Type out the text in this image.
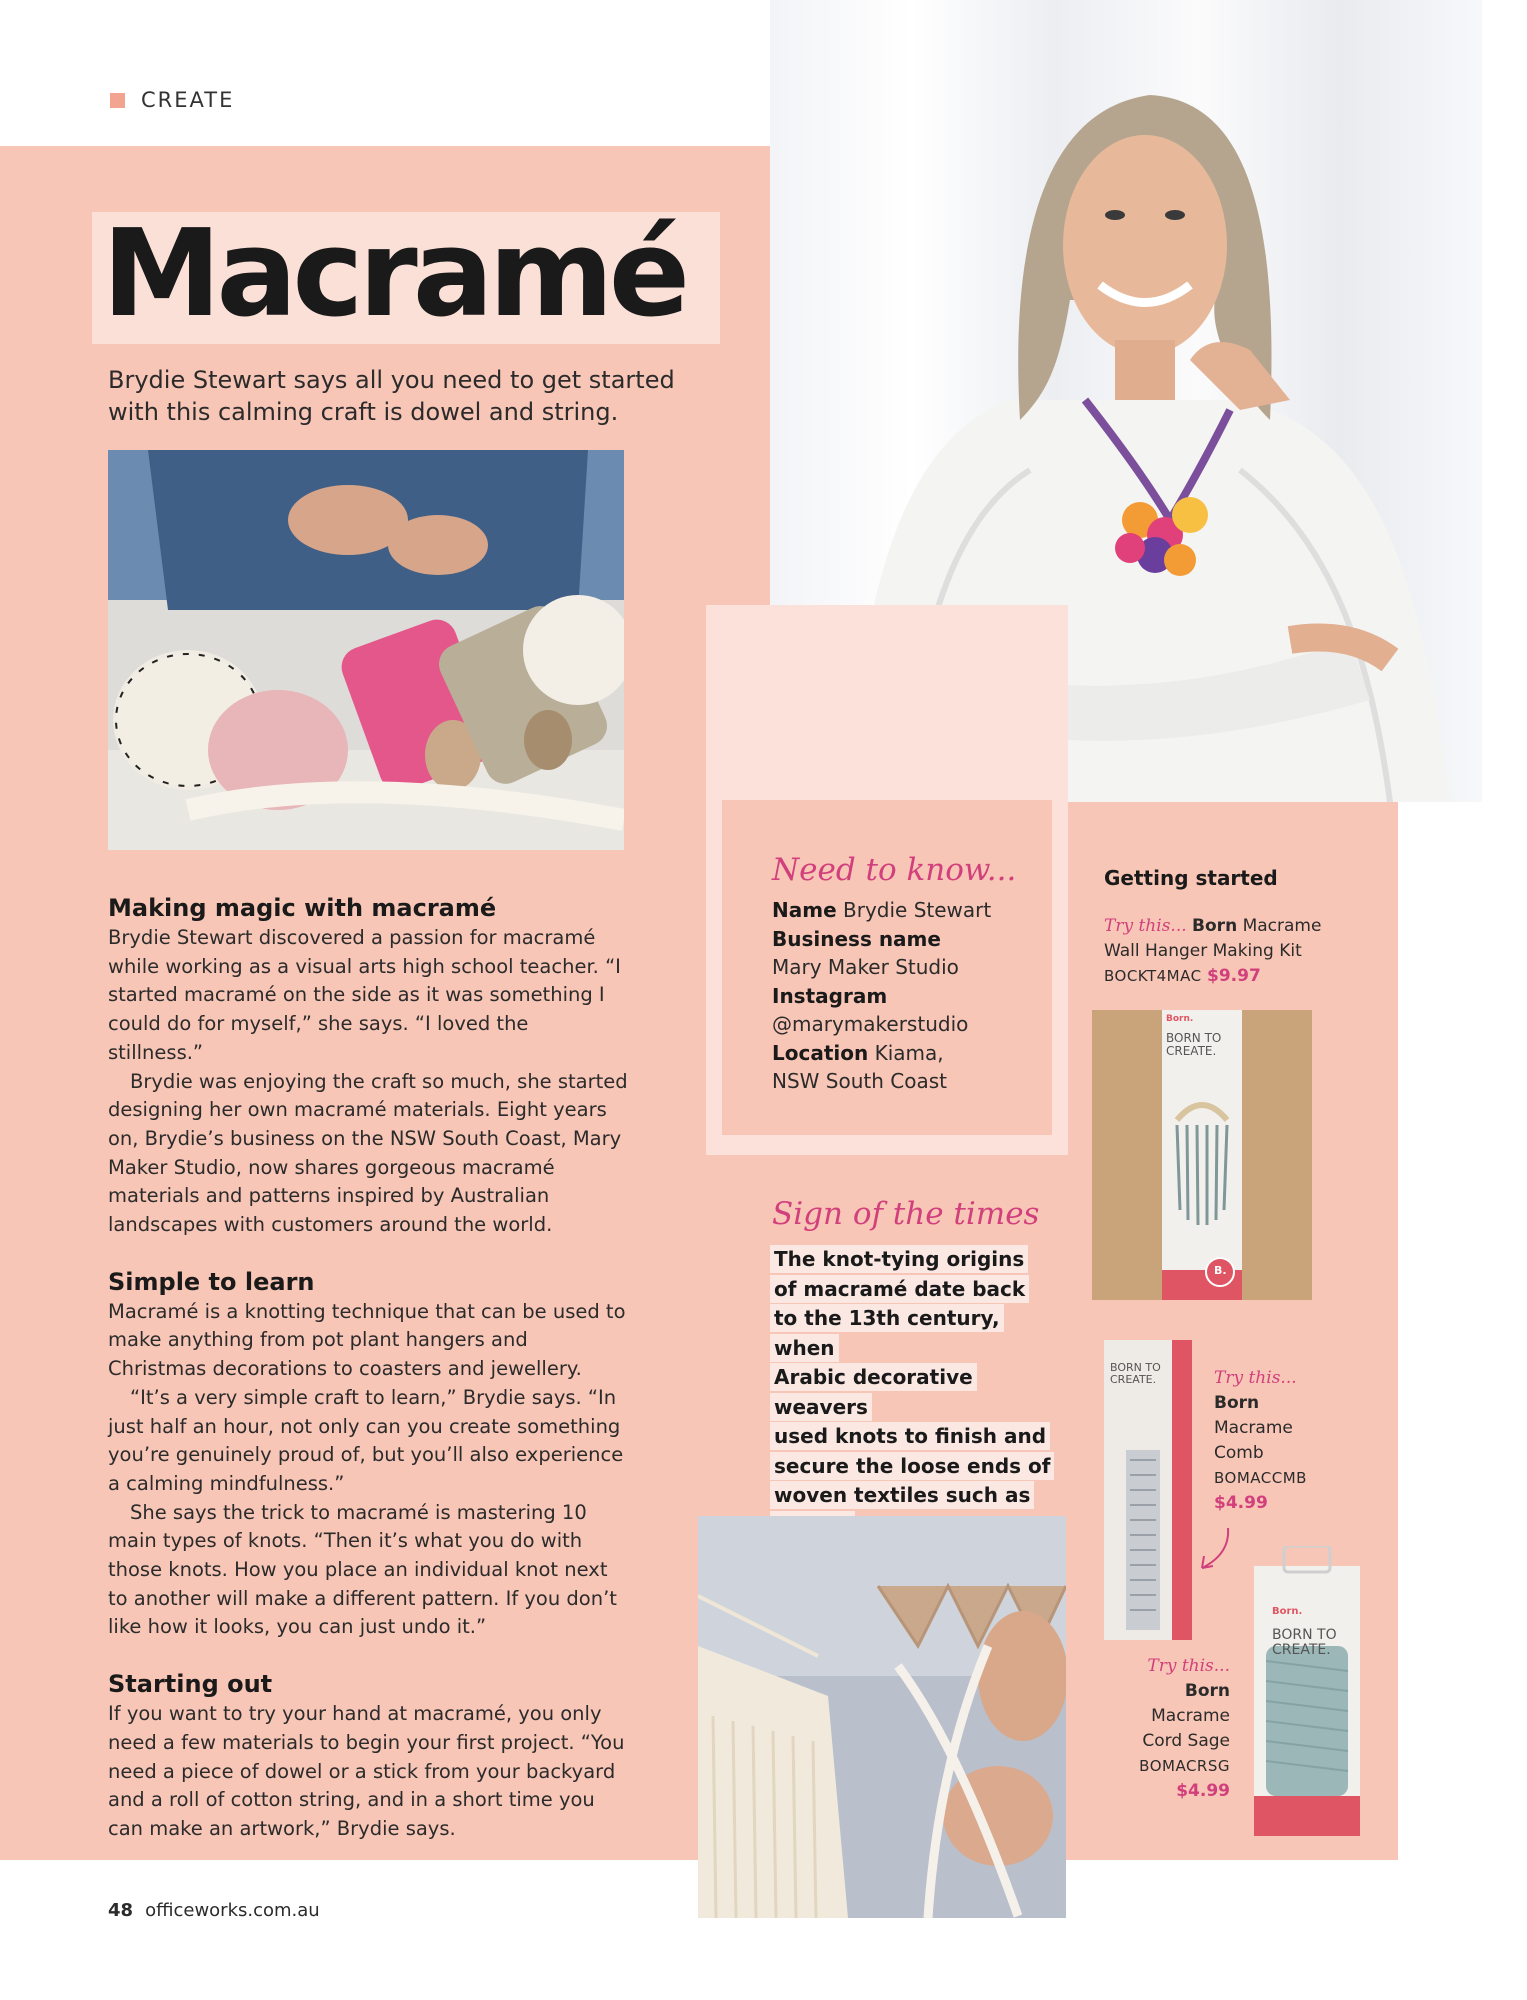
CREATE
Macramé
Brydie Stewart says all you need to get started with this calming craft is dowel and string.
Making magic with macramé

Brydie Stewart discovered a passion for macramé while working as a visual arts high school teacher. “I started macramé on the side as it was something I could do for myself,” she says. “I loved the stillness.”

Brydie was enjoying the craft so much, she started designing her own macramé materials. Eight years on, Brydie’s business on the NSW South Coast, Mary Maker Studio, now shares gorgeous macramé materials and patterns inspired by Australian landscapes with customers around the world.

Simple to learn

Macramé is a knotting technique that can be used to make anything from pot plant hangers and Christmas decorations to coasters and jewellery.

“It’s a very simple craft to learn,” Brydie says. “In just half an hour, not only can you create something you’re genuinely proud of, but you’ll also experience a calming mindfulness.”

She says the trick to macramé is mastering 10 main types of knots. “Then it’s what you do with those knots. How you place an individual knot next to another will make a different pattern. If you don’t like how it looks, you can just undo it.”

Starting out

If you want to try your hand at macramé, you only need a few materials to begin your first project. “You need a piece of dowel or a stick from your backyard and a roll of cotton string, and in a short time you can make an artwork,” Brydie says.

Need to know...
Name Brydie Stewart
Business name
Mary Maker Studio
Instagram
@marymakerstudio
Location Kiama,
NSW South Coast
Sign of the times
The knot-tying origins
of macramé date back
to the 13th century, when
Arabic decorative weavers
used knots to finish and
secure the loose ends of
woven textiles such as
Getting started
Try this... Born Macrame
Wall Hanger Making Kit
BOCKT4MAC $9.97
Born.
BORN TO CREATE.
B.
BORN TO CREATE.	Try this...
Born
Macrame
Comb
BOMACCMB
$4.99
Born.
BORN TO CREATE.
Try this...
Born
Macrame
Cord Sage
BOMACRSG
$4.99
48 officeworks.com.au
